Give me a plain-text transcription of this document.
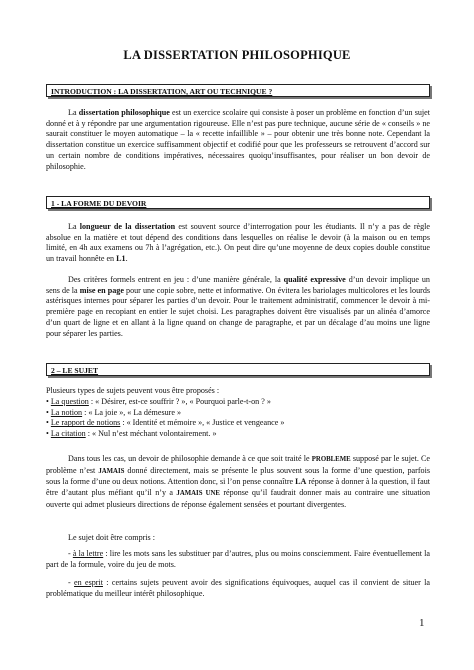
LA DISSERTATION PHILOSOPHIQUE
INTRODUCTION : LA DISSERTATION, ART OU TECHNIQUE ?

La dissertation philosophique est un exercice scolaire qui consiste à poser un problème en fonction d’un sujet donné et à y répondre par une argumentation rigoureuse. Elle n’est pas pure technique, aucune série de « conseils » ne saurait constituer le moyen automatique – la « recette infaillible » – pour obtenir une très bonne note. Cependant la dissertation constitue un exercice suffisamment objectif et codifié pour que les professeurs se retrouvent d’accord sur un certain nombre de conditions impératives, nécessaires quoiqu’insuffisantes, pour réaliser un bon devoir de philosophie.

1 - LA FORME DU DEVOIR

La longueur de la dissertation est souvent source d’interrogation pour les étudiants. Il n’y a pas de règle absolue en la matière et tout dépend des conditions dans lesquelles on réalise le devoir (à la maison ou en temps limité, en 4h aux examens ou 7h à l’agrégation, etc.). On peut dire qu’une moyenne de deux copies double constitue un travail honnête en L1.

Des critères formels entrent en jeu : d’une manière générale, la qualité expressive d’un devoir implique un sens de la mise en page pour une copie sobre, nette et informative. On évitera les bariolages multicolores et les lourds astérisques internes pour séparer les parties d’un devoir. Pour le traitement administratif, commencer le devoir à mi-première page en recopiant en entier le sujet choisi. Les paragraphes doivent être visualisés par un alinéa d’amorce d’un quart de ligne et en allant à la ligne quand on change de paragraphe, et par un décalage d’au moins une ligne pour séparer les parties.

2 – LE SUJET

Plusieurs types de sujets peuvent vous être proposés :

• La question : « Désirer, est-ce souffrir ? », « Pourquoi parle-t-on ? »
• La notion : « La joie », « La démesure »
• Le rapport de notions : « Identité et mémoire », « Justice et vengeance »
• La citation : « Nul n’est méchant volontairement. »

Dans tous les cas, un devoir de philosophie demande à ce que soit traité le PROBLEME supposé par le sujet. Ce problème n’est JAMAIS donné directement, mais se présente le plus souvent sous la forme d’une question, parfois sous la forme d’une ou deux notions. Attention donc, si l’on pense connaître LA réponse à donner à la question, il faut être d’autant plus méfiant qu’il n’y a JAMAIS UNE réponse qu’il faudrait donner mais au contraire une situation ouverte qui admet plusieurs directions de réponse également sensées et pourtant divergentes.

Le sujet doit être compris :

- à la lettre : lire les mots sans les substituer par d’autres, plus ou moins consciemment. Faire éventuellement la part de la formule, voire du jeu de mots.

- en esprit : certains sujets peuvent avoir des significations équivoques, auquel cas il convient de situer la problématique du meilleur intérêt philosophique.

1
